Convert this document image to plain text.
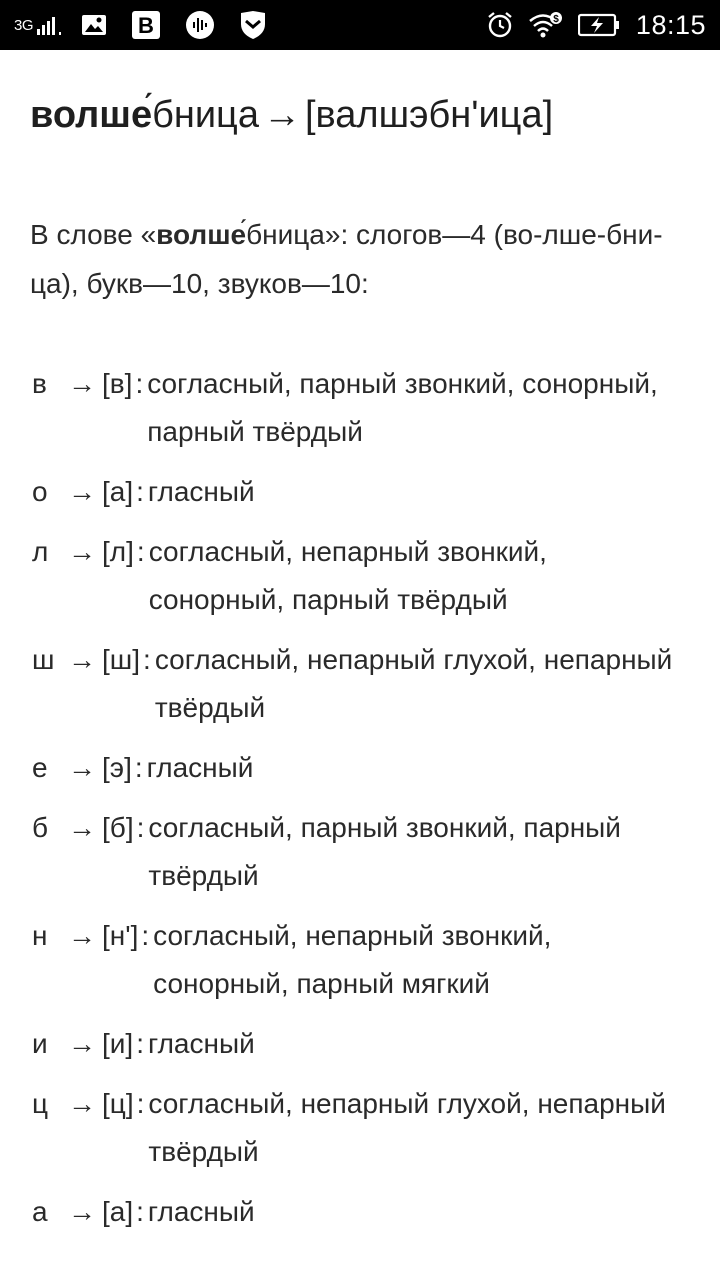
3G	B	$	18:15
волшебница → [валшэбн'ица]
В слове «волшебница»: слогов—4 (во-лше-бни-ца), букв—10, звуков—10:
в → [в] : согласный, парный звонкий, сонорный, парный твёрдый
о → [а] : гласный
л → [л] : согласный, непарный звонкий, сонорный, парный твёрдый
ш → [ш] : согласный, непарный глухой, непарный твёрдый
е → [э] : гласный
б → [б] : согласный, парный звонкий, парный твёрдый
н → [н'] : согласный, непарный звонкий, сонорный, парный мягкий
и → [и] : гласный
ц → [ц] : согласный, непарный глухой, непарный твёрдый
а → [а] : гласный
